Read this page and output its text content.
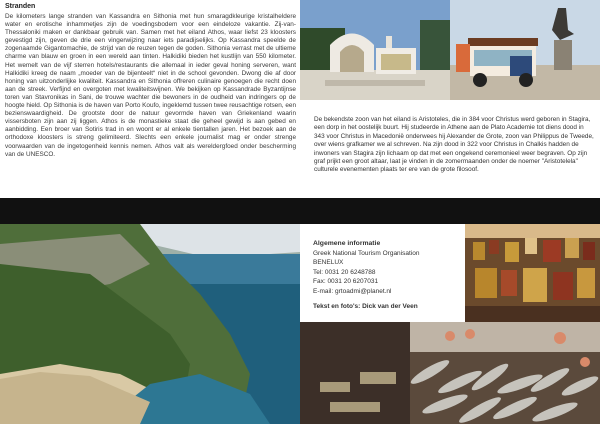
Stranden

De kilometers lange stranden van Kassandra en Sithonia met hun smaragdkleurige kristalheldere water en erotische inhammetjes zijn de voedingsbodem voor een eindeloze vakantie. Zij-van-Thessaloniki maken er dankbaar gebruik van. Samen met het eiland Athos, waar liefst 23 kloosters gevestigd zijn, geven de drie een vingerwijzing naar iets paradijselijks. Op Kassandra speelde de zogenaamde Gigantomachie, de strijd van de reuzen tegen de goden. Sithonia verrast met de ultieme charme van blauw en groen in een wereld aan tinten. Halkidiki bieden het kustlijn van 550 kilometer. Het wemelt van de vijf sterren hotels/restaurants die allemaal in ieder geval honing serveren, want Halkidiki kreeg de naam „moeder van de bijenteelt“ niet in de school gevonden. Dwong die af door honing van uitzonderlijke kwaliteit. Kassandra en Sithonia offreren culinaire genoegen die recht doen aan de streek. Verfijnd en overgoten met kwaliteitswijnen. We bekijken op Kassandrade Byzantijnse toren van Stavronikas in Sani, de trouwe wachter die bewoners in de oudheid van indringers op de hoogte hield. Op Sithonia is de haven van Porto Koufo, ingeklemd tussen twee reusachtige rotsen, een bezienswaardigheid. De grootste door de natuur gevormde haven van Griekenland waarin vissersboten zijn aan zij liggen. Athos is de monastieke staat die geheel gewijd is aan gebed en aanbidding. Een broer van Sotiris trad in en woont er al enkele tientallen jaren. Het bezoek aan de orthodoxe kloosters is streng gelimiteerd. Slechts een enkele journalist mag er onder strenge voorwaarden van de ingetogenheid kennis nemen. Athos valt als wereldergfoed onder bescherming van de UNESCO.

De bekendste zoon van het eiland is Aristoteles, die in 384 voor Christus werd geboren in Stagira, een dorp in het oostelijk buurt. Hij studeerde in Athene aan de Plato Academie tot diens dood in 343 voor Christus in Macedonië onderwees hij Alexander de Grote, zoon van Philippus de Tweede, over wiens grafkamer we al schreven. Na zijn dood in 322 voor Christus in Chalkis hadden de inwoners van Stagira zijn lichaam op dat met een ongekend ceremonieel weer begraven. Op zijn graf prijkt een groot altaar, laat je vinden in de zomermaanden onder de noemer "Aristotelela" culturele evenementen plaats ter ere van de grote filosoof.

Algemene informatie
Greek National Tourism Organisation
BENELUX
Tel: 0031 20 6248788
Fax: 0031 20 6207031
E-mail: grtoadmi@planet.nl
Tekst en foto's: Dick van der Veen
